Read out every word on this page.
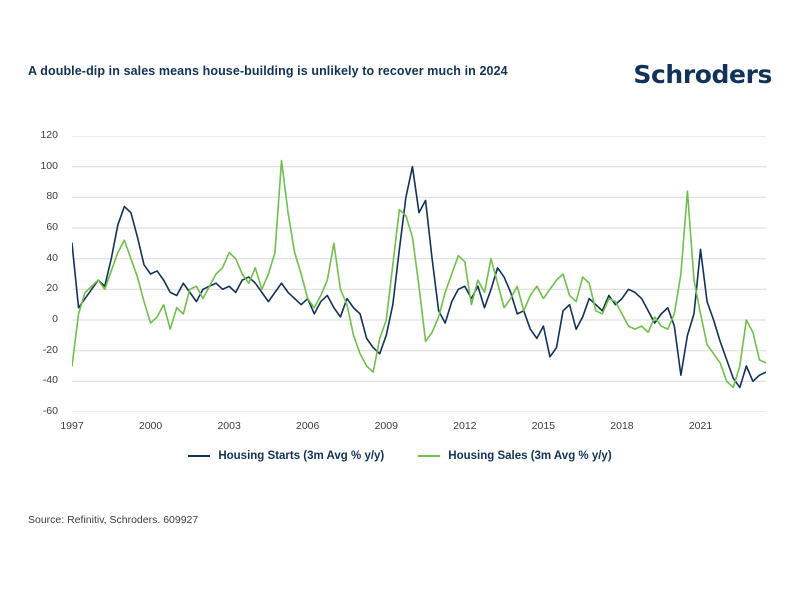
A double-dip in sales means house-building is unlikely to recover much in 2024	Schroders
-60
-40
-20
0
20
40
60
80
100
120
1997	2000	2003	2006	2009	2012	2015	2018	2021
Housing Starts (3m Avg % y/y)	Housing Sales (3m Avg % y/y)
Source: Refinitiv, Schroders. 609927
